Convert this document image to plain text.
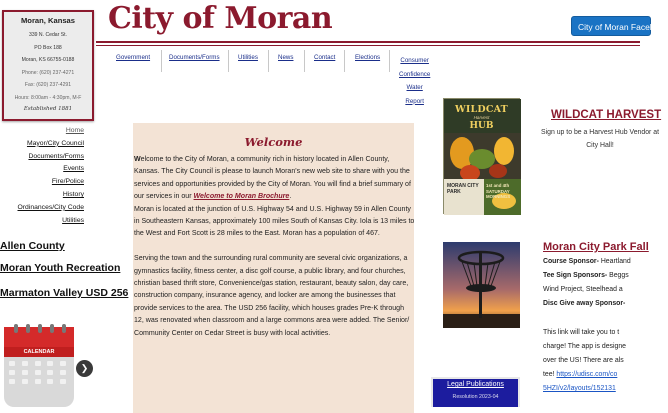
Moran, Kansas
339 N. Cedar St.
PO Box 188
Moran, KS 66755-0188
Phone: (620) 237-4271
Fax: (620) 237-4291
Hours: 8:00am - 4:30pm, M-F
Established 1881
City of Moran	City of Moran Facebook
Government	Documents/Forms	Utilities	News	Contact	Elections	Consumer
Confidence
Water
Report
Home
Mayor/City Council
Documents/Forms
Events
Fire/Police
History
Ordinances/City Code
Utilities
Allen County
Moran Youth Recreation
Marmaton Valley USD 256
CALENDAR
❯
Welcome

Welcome to the City of Moran, a community rich in history located in Allen County, Kansas. The City Council is please to launch Moran's new web site to share with you the services and opportunities provided by the City of Moran. You will find a brief summary of our services in our Welcome to Moran Brochure.

Moran is located at the junction of U.S. Highway 54 and U.S. Highway 59 in Allen County in Southeastern Kansas, approximately 100 miles South of Kansas City. Iola is 13 miles to the West and Fort Scott is 28 miles to the East. Moran has a population of 467.

Serving the town and the surrounding rural community are several civic organizations, a gymnastics facility, fitness center, a disc golf course, a public library, and four churches, christian based thrift store, Convenience/gas station, restaurant, beauty salon, day care, construction company, insurance agency, and locker are among the businesses that provide services to the area. The USD 256 facility, which houses grades Pre-K through 12, was renovated when classroom and a large commons area were added. The Senior/ Community Center on Cedar Street is busy with local activities.

Legal Publications
Resolution 2023-04
WILDCAT
Harvest
HUB
MORAN CITY PARK
1st and 4th SATURDAY MORNINGS
WILDCAT HARVEST
Sign up to be a Harvest Hub Vendor at City Hall!
Moran City Park Fall
Course Sponsor- Heartland
Tee Sign Sponsors- Beggs
Wind Project, Steelhead a
Disc Give away Sponsor-
This link will take you to t
charge! The app is designe
over the US! There are als
tee! https://udisc.com/co
5HZI/v2/layouts/152131
